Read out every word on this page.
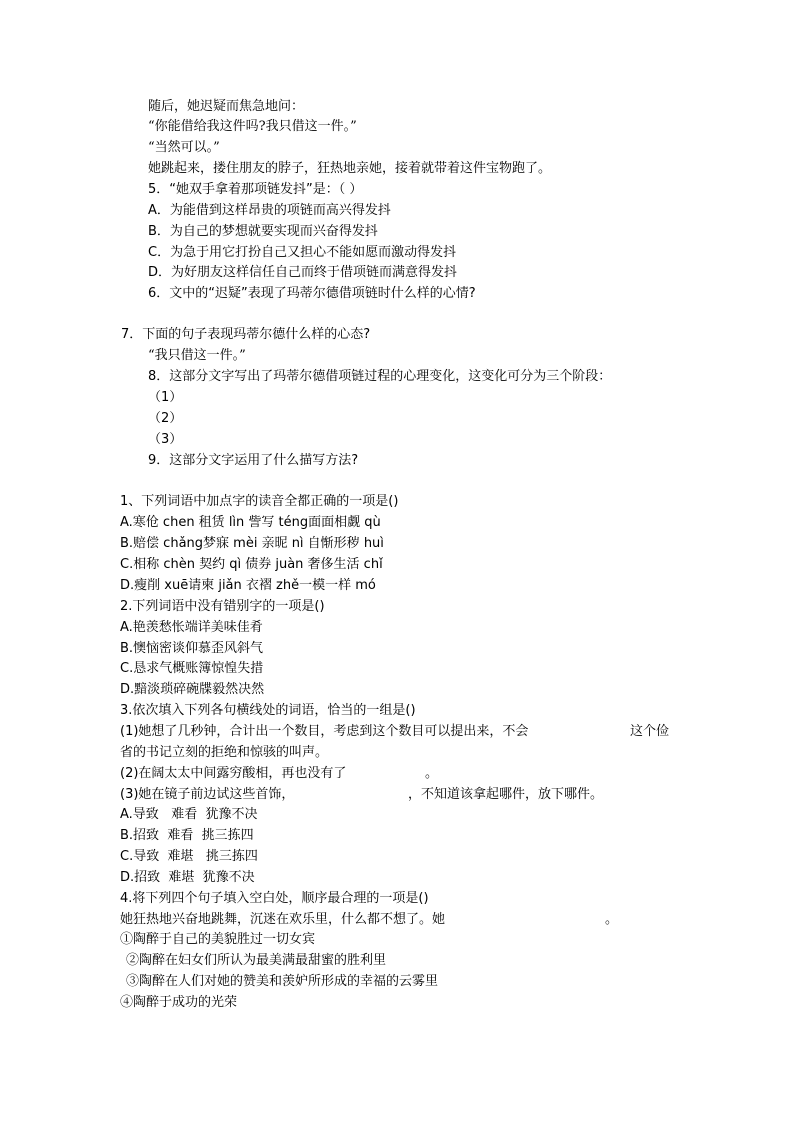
随后，她迟疑而焦急地问：
“你能借给我这件吗?我只借这一件。”
“当然可以。”
她跳起来，搂住朋友的脖子，狂热地亲她，接着就带着这件宝物跑了。
5．“她双手拿着那项链发抖”是：（ ）
A．为能借到这样昂贵的项链而高兴得发抖
B．为自己的梦想就要实现而兴奋得发抖
C．为急于用它打扮自己又担心不能如愿而激动得发抖
D．为好朋友这样信任自己而终于借项链而满意得发抖
6．文中的“迟疑”表现了玛蒂尔德借项链时什么样的心情?
7．下面的句子表现玛蒂尔德什么样的心态?
“我只借这一件。”
8．这部分文字写出了玛蒂尔德借项链过程的心理变化，这变化可分为三个阶段：
（1）
（2）
（3）
9．这部分文字运用了什么描写方法?
1、下列词语中加点字的读音全都正确的一项是()
A.寒伧 chen 租赁 lìn 訾写 téng面面相觑 qù
B.赔偿 chǎng梦寐 mèi 亲昵 nì 自惭形秽 huì
C.相称 chèn 契约 qì 债券 juàn 奢侈生活 chǐ
D.瘦削 xuē请柬 jiǎn 衣褶 zhě一模一样 mó
2.下列词语中没有错别字的一项是()
A.艳羡愁怅端详美味佳肴
B.懊恼密谈仰慕歪风斜气
C.恳求气概账簿惊惶失措
D.黯淡琐碎碗牒毅然决然
3.依次填入下列各句横线处的词语，恰当的一组是()
(1)她想了几秒钟，合计出一个数目，考虑到这个数目可以提出来，不会	这个俭
省的书记立刻的拒绝和惊骇的叫声。
(2)在阔太太中间露穷酸相，再也没有了	。
(3)她在镜子前边试这些首饰，	，不知道该拿起哪件，放下哪件。
A.导致   难看  犹豫不决
B.招致  难看  挑三拣四
C.导致  难堪   挑三拣四
D.招致  难堪  犹豫不决
4.将下列四个句子填入空白处，顺序最合理的一项是()
她狂热地兴奋地跳舞，沉迷在欢乐里，什么都不想了。她	。
①陶醉于自己的美貌胜过一切女宾
②陶醉在妇女们所认为最美满最甜蜜的胜利里
③陶醉在人们对她的赞美和羡妒所形成的幸福的云雾里
④陶醉于成功的光荣
